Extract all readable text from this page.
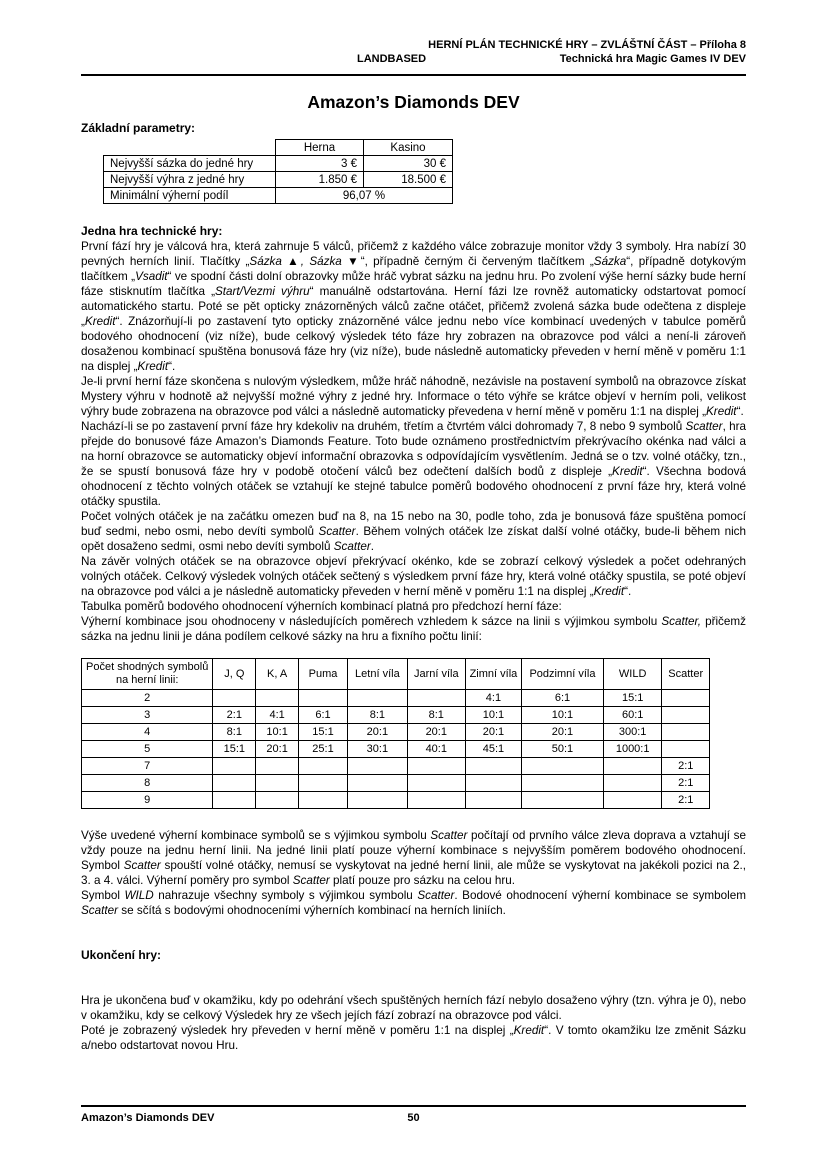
HERNÍ PLÁN TECHNICKÉ HRY – ZVLÁŠTNÍ ČÁST – Příloha 8
LANDBASED	Technická hra Magic Games IV DEV
Amazon’s Diamonds DEV
Základní parametry:
	Herna	Kasino
Nejvyšší sázka do jedné hry	3 €	30 €
Nejvyšší výhra z jedné hry	1.850 €	18.500 €
Minimální výherní podíl	96,07 %	
Jedna hra technické hry:

První fází hry je válcová hra, která zahrnuje 5 válců, přičemž z každého válce zobrazuje monitor vždy 3 symboly. Hra nabízí 30 pevných herních linií. Tlačítky „Sázka ▲, Sázka ▼“, případně černým či červeným tlačítkem „Sázka“, případně dotykovým tlačítkem „Vsadit“ ve spodní části dolní obrazovky může hráč vybrat sázku na jednu hru. Po zvolení výše herní sázky bude herní fáze stisknutím tlačítka „Start/Vezmi výhru“ manuálně odstartována. Herní fázi lze rovněž automaticky odstartovat pomocí automatického startu. Poté se pět opticky znázorněných válců začne otáčet, přičemž zvolená sázka bude odečtena z displeje „Kredit“. Znázorňují-li po zastavení tyto opticky znázorněné válce jednu nebo více kombinací uvedených v tabulce poměrů bodového ohodnocení (viz níže), bude celkový výsledek této fáze hry zobrazen na obrazovce pod válci a není-li zároveň dosaženou kombinací spuštěna bonusová fáze hry (viz níže), bude následně automaticky převeden v herní měně v poměru 1:1 na displej „Kredit“.

Je-li první herní fáze skončena s nulovým výsledkem, může hráč náhodně, nezávisle na postavení symbolů na obrazovce získat Mystery výhru v hodnotě až nejvyšší možné výhry z jedné hry. Informace o této výhře se krátce objeví v herním poli, velikost výhry bude zobrazena na obrazovce pod válci a následně automaticky převedena v herní měně v poměru 1:1 na displej „Kredit“.

Nachází-li se po zastavení první fáze hry kdekoliv na druhém, třetím a čtvrtém válci dohromady 7, 8 nebo 9 symbolů Scatter, hra přejde do bonusové fáze Amazon’s Diamonds Feature. Toto bude oznámeno prostřednictvím překrývacího okénka nad válci a na horní obrazovce se automaticky objeví informační obrazovka s odpovídajícím vysvětlením. Jedná se o tzv. volné otáčky, tzn., že se spustí bonusová fáze hry v podobě otočení válců bez odečtení dalších bodů z displeje „Kredit“. Všechna bodová ohodnocení z těchto volných otáček se vztahují ke stejné tabulce poměrů bodového ohodnocení z první fáze hry, která volné otáčky spustila.

Počet volných otáček je na začátku omezen buď na 8, na 15 nebo na 30, podle toho, zda je bonusová fáze spuštěna pomocí buď sedmi, nebo osmi, nebo devíti symbolů Scatter. Během volných otáček lze získat další volné otáčky, bude-li během nich opět dosaženo sedmi, osmi nebo devíti symbolů Scatter.

Na závěr volných otáček se na obrazovce objeví překrývací okénko, kde se zobrazí celkový výsledek a počet odehraných volných otáček. Celkový výsledek volných otáček sečtený s výsledkem první fáze hry, která volné otáčky spustila, se poté objeví na obrazovce pod válci a je následně automaticky převeden v herní měně v poměru 1:1 na displej „Kredit“.

Tabulka poměrů bodového ohodnocení výherních kombinací platná pro předchozí herní fáze:

Výherní kombinace jsou ohodnoceny v následujících poměrech vzhledem k sázce na linii s výjimkou symbolu Scatter, přičemž sázka na jednu linii je dána podílem celkové sázky na hru a fixního počtu linií:

Počet shodných symbolů na herní linii:	J, Q	K, A	Puma	Letní víla	Jarní víla	Zimní víla	Podzimní víla	WILD	Scatter
2						4:1	6:1	15:1	
3	2:1	4:1	6:1	8:1	8:1	10:1	10:1	60:1	
4	8:1	10:1	15:1	20:1	20:1	20:1	20:1	300:1	
5	15:1	20:1	25:1	30:1	40:1	45:1	50:1	1000:1	
7									2:1
8									2:1
9									2:1

Výše uvedené výherní kombinace symbolů se s výjimkou symbolu Scatter počítají od prvního válce zleva doprava a vztahují se vždy pouze na jednu herní linii. Na jedné linii platí pouze výherní kombinace s nejvyšším poměrem bodového ohodnocení. Symbol Scatter spouští volné otáčky, nemusí se vyskytovat na jedné herní linii, ale může se vyskytovat na jakékoli pozici na 2., 3. a 4. válci. Výherní poměry pro symbol Scatter platí pouze pro sázku na celou hru.

Symbol WILD nahrazuje všechny symboly s výjimkou symbolu Scatter. Bodové ohodnocení výherní kombinace se symbolem Scatter se sčítá s bodovými ohodnoceními výherních kombinací na herních liniích.

Ukončení hry:

Hra je ukončena buď v okamžiku, kdy po odehrání všech spuštěných herních fází nebylo dosaženo výhry (tzn. výhra je 0), nebo v okamžiku, kdy se celkový Výsledek hry ze všech jejích fází zobrazí na obrazovce pod válci.

Poté je zobrazený výsledek hry převeden v herní měně v poměru 1:1 na displej „Kredit“. V tomto okamžiku lze změnit Sázku a/nebo odstartovat novou Hru.

Amazon’s Diamonds DEV	50
